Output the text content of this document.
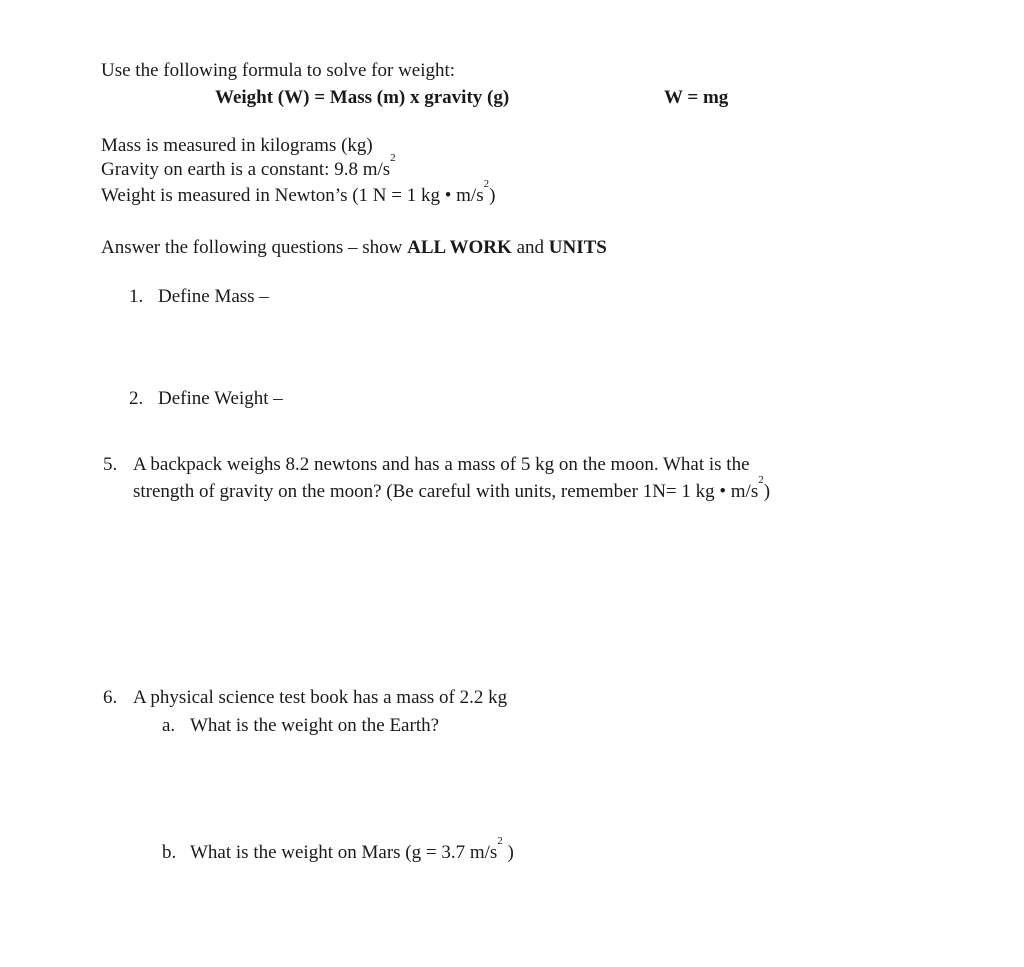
Use the following formula to solve for weight:
Weight (W) = Mass (m) x gravity (g)	W = mg
Mass is measured in kilograms (kg)
Gravity on earth is a constant: 9.8 $m/s^2$
Weight is measured in Newton’s (1 N = 1 kg • $m/s^2$)
Answer the following questions – show ALL WORK and UNITS
1. Define Mass –
2. Define Weight –
5. A backpack weighs 8.2 newtons and has a mass of 5 kg on the moon. What is the
strength of gravity on the moon? (Be careful with units, remember 1N= 1 kg • $m/s^2$)
6. A physical science test book has a mass of 2.2 kg
a. What is the weight on the Earth?
b. What is the weight on Mars (g = 3.7 $m/s^2$ )
